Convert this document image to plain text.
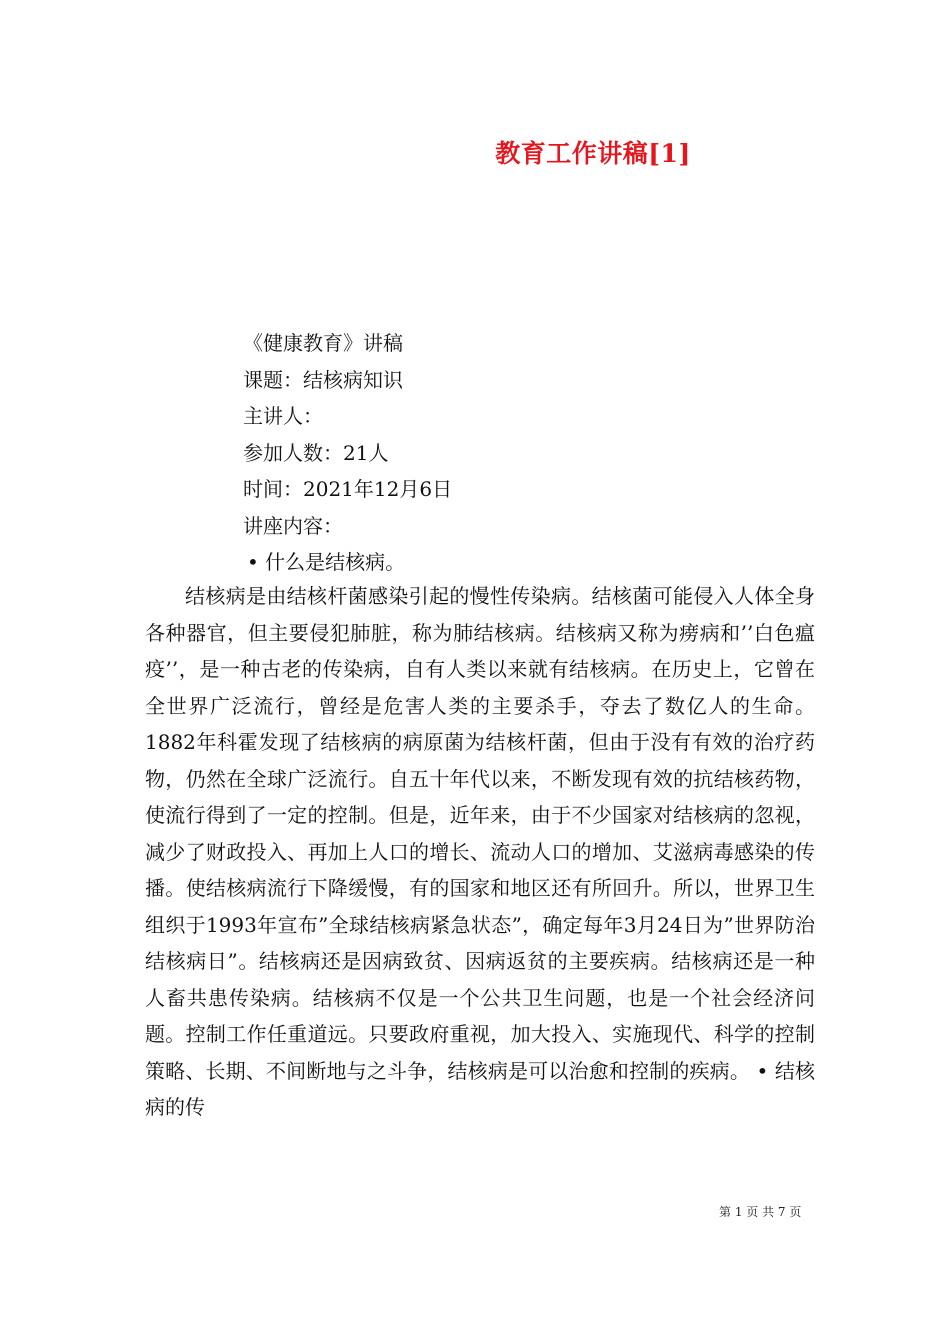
教育工作讲稿[1]
《健康教育》讲稿
课题：结核病知识
主讲人：
参加人数：21人
时间：2021年12月6日
讲座内容：
• 什么是结核病。

结核病是由结核杆菌感染引起的慢性传染病。结核菌可能侵入人体全身各种器官，但主要侵犯肺脏，称为肺结核病。结核病又称为痨病和’’白色瘟疫’’，是一种古老的传染病，自有人类以来就有结核病。在历史上，它曾在全世界广泛流行，曾经是危害人类的主要杀手，夺去了数亿人的生命。1882年科霍发现了结核病的病原菌为结核杆菌，但由于没有有效的治疗药物，仍然在全球广泛流行。自五十年代以来，不断发现有效的抗结核药物，使流行得到了一定的控制。但是，近年来，由于不少国家对结核病的忽视，减少了财政投入、再加上人口的增长、流动人口的增加、艾滋病毒感染的传播。使结核病流行下降缓慢，有的国家和地区还有所回升。所以，世界卫生组织于1993年宣布”全球结核病紧急状态”，确定每年3月24日为”世界防治结核病日”。结核病还是因病致贫、因病返贫的主要疾病。结核病还是一种人畜共患传染病。结核病不仅是一个公共卫生问题，也是一个社会经济问题。控制工作任重道远。只要政府重视，加大投入、实施现代、科学的控制策略、长期、不间断地与之斗争，结核病是可以治愈和控制的疾病。 • 结核病的传

第 1 页 共 7 页
